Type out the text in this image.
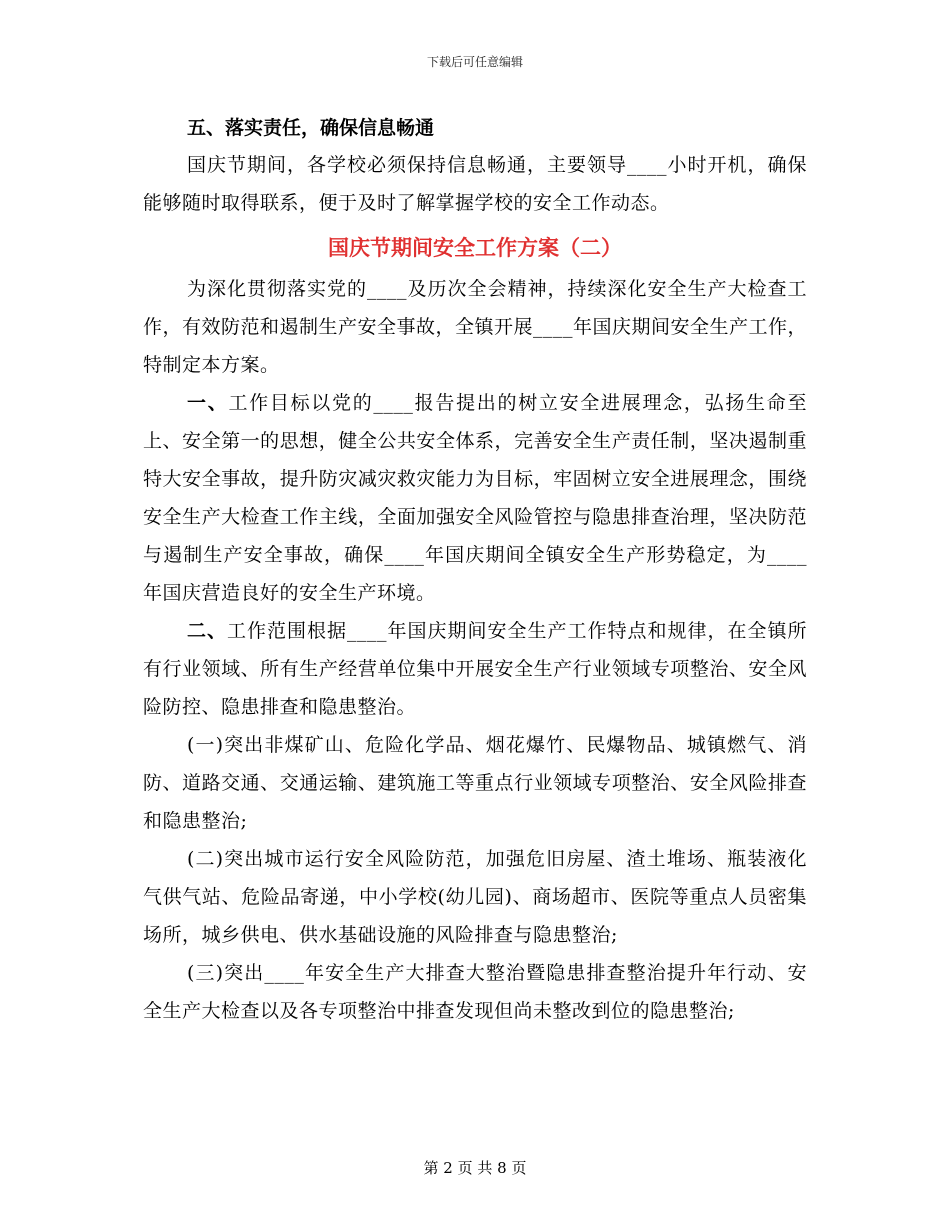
下载后可任意编辑

五、落实责任，确保信息畅通

国庆节期间，各学校必须保持信息畅通，主要领导____小时开机，确保能够随时取得联系，便于及时了解掌握学校的安全工作动态。

国庆节期间安全工作方案（二）

为深化贯彻落实党的____及历次全会精神，持续深化安全生产大检查工作，有效防范和遏制生产安全事故，全镇开展____年国庆期间安全生产工作，特制定本方案。

一、工作目标以党的____报告提出的树立安全进展理念，弘扬生命至上、安全第一的思想，健全公共安全体系，完善安全生产责任制，坚决遏制重特大安全事故，提升防灾减灾救灾能力为目标，牢固树立安全进展理念，围绕安全生产大检查工作主线，全面加强安全风险管控与隐患排查治理，坚决防范与遏制生产安全事故，确保____年国庆期间全镇安全生产形势稳定，为____年国庆营造良好的安全生产环境。

二、工作范围根据____年国庆期间安全生产工作特点和规律，在全镇所有行业领域、所有生产经营单位集中开展安全生产行业领域专项整治、安全风险防控、隐患排查和隐患整治。

(一)突出非煤矿山、危险化学品、烟花爆竹、民爆物品、城镇燃气、消防、道路交通、交通运输、建筑施工等重点行业领域专项整治、安全风险排查和隐患整治;

(二)突出城市运行安全风险防范，加强危旧房屋、渣土堆场、瓶装液化气供气站、危险品寄递，中小学校(幼儿园)、商场超市、医院等重点人员密集场所，城乡供电、供水基础设施的风险排查与隐患整治;

(三)突出____年安全生产大排查大整治暨隐患排查整治提升年行动、安全生产大检查以及各专项整治中排查发现但尚未整改到位的隐患整治;

第 2 页 共 8 页
